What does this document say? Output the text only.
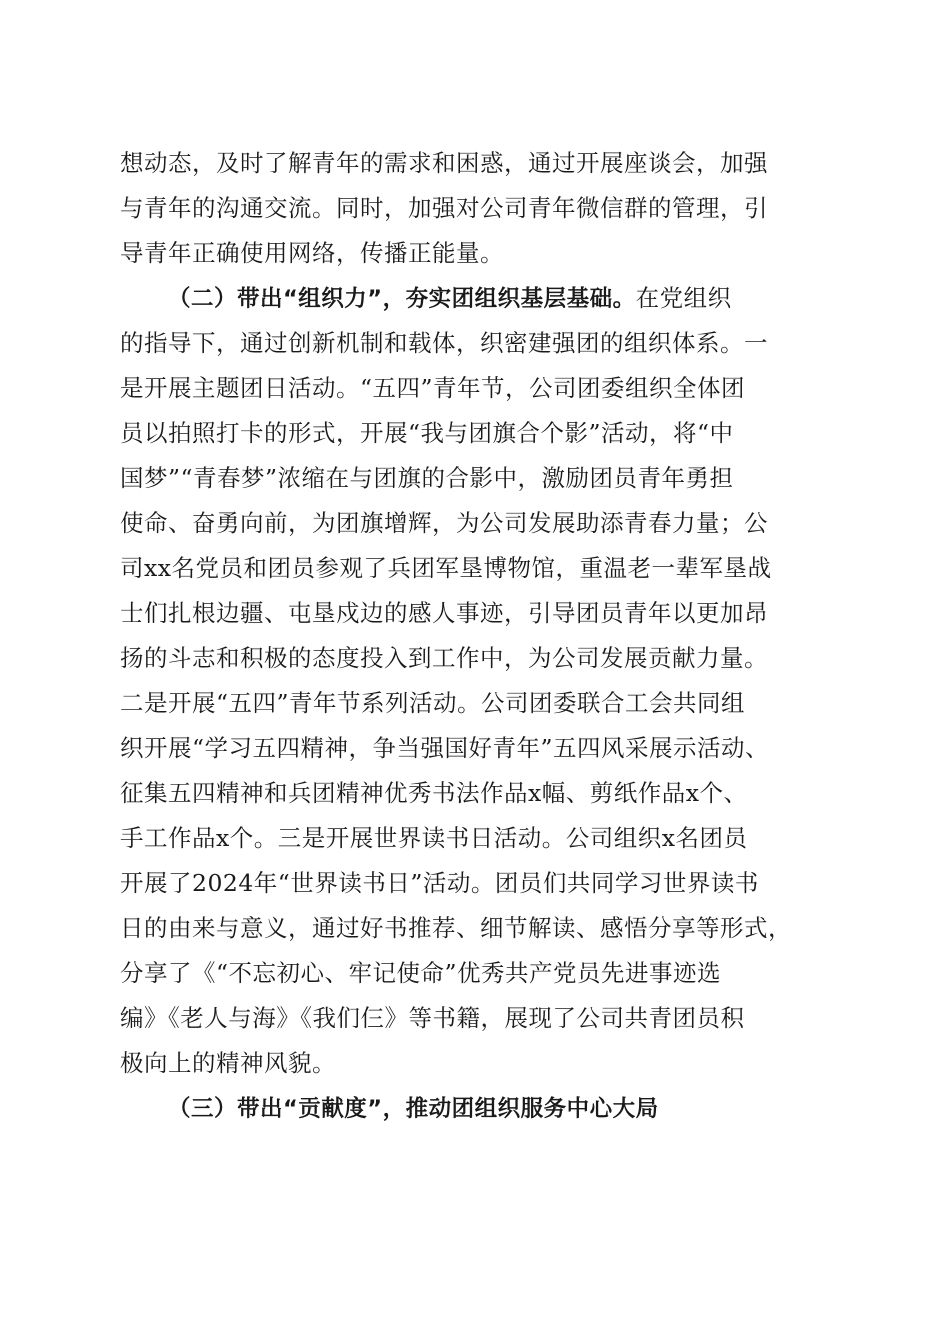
想动态，及时了解青年的需求和困惑，通过开展座谈会，加强
与青年的沟通交流。同时，加强对公司青年微信群的管理，引
导青年正确使用网络，传播正能量。
（二）带出“组织力”，夯实团组织基层基础。在党组织
的指导下，通过创新机制和载体，织密建强团的组织体系。一
是开展主题团日活动。“五四”青年节，公司团委组织全体团
员以拍照打卡的形式，开展“我与团旗合个影”活动，将“中
国梦”“青春梦”浓缩在与团旗的合影中，激励团员青年勇担
使命、奋勇向前，为团旗增辉，为公司发展助添青春力量；公
司xx名党员和团员参观了兵团军垦博物馆，重温老一辈军垦战
士们扎根边疆、屯垦戍边的感人事迹，引导团员青年以更加昂
扬的斗志和积极的态度投入到工作中，为公司发展贡献力量。
二是开展“五四”青年节系列活动。公司团委联合工会共同组
织开展“学习五四精神，争当强国好青年”五四风采展示活动、
征集五四精神和兵团精神优秀书法作品x幅、剪纸作品x个、
手工作品x个。三是开展世界读书日活动。公司组织x名团员
开展了2024年“世界读书日”活动。团员们共同学习世界读书
日的由来与意义，通过好书推荐、细节解读、感悟分享等形式，
分享了《“不忘初心、牢记使命”优秀共产党员先进事迹选
编》《老人与海》《我们仨》等书籍，展现了公司共青团员积
极向上的精神风貌。
（三）带出“贡献度”，推动团组织服务中心大局
